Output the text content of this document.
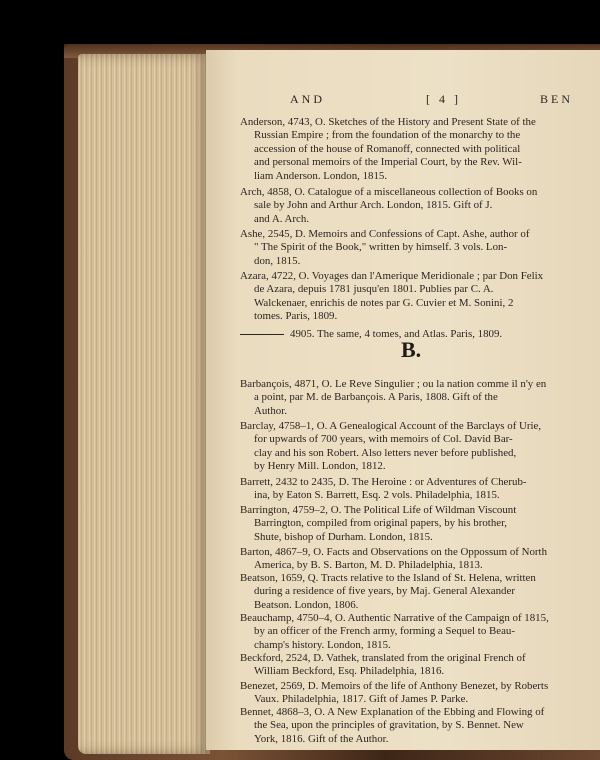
AND	[ 4 ]	BEN
Anderson, 4743, O. Sketches of the History and Present State of the
Russian Empire ; from the foundation of the monarchy to the
accession of the house of Romanoff, connected with political
and personal memoirs of the Imperial Court, by the Rev. Wil-
liam Anderson. London, 1815.
Arch, 4858, O. Catalogue of a miscellaneous collection of Books on
sale by John and Arthur Arch. London, 1815. Gift of J.
and A. Arch.
Ashe, 2545, D. Memoirs and Confessions of Capt. Ashe, author of
" The Spirit of the Book," written by himself. 3 vols. Lon-
don, 1815.
Azara, 4722, O. Voyages dan l'Amerique Meridionale ; par Don Felix
de Azara, depuis 1781 jusqu'en 1801. Publies par C. A.
Walckenaer, enrichis de notes par G. Cuvier et M. Sonini, 2
tomes. Paris, 1809.
4905. The same, 4 tomes, and Atlas. Paris, 1809.
B.
Barbançois, 4871, O. Le Reve Singulier ; ou la nation comme il n'y en
a point, par M. de Barbançois. A Paris, 1808. Gift of the
Author.
Barclay, 4758–1, O. A Genealogical Account of the Barclays of Urie,
for upwards of 700 years, with memoirs of Col. David Bar-
clay and his son Robert. Also letters never before published,
by Henry Mill. London, 1812.
Barrett, 2432 to 2435, D. The Heroine : or Adventures of Cherub-
ina, by Eaton S. Barrett, Esq. 2 vols. Philadelphia, 1815.
Barrington, 4759–2, O. The Political Life of Wildman Viscount
Barrington, compiled from original papers, by his brother,
Shute, bishop of Durham. London, 1815.
Barton, 4867–9, O. Facts and Observations on the Oppossum of North
America, by B. S. Barton, M. D. Philadelphia, 1813.
Beatson, 1659, Q. Tracts relative to the Island of St. Helena, written
during a residence of five years, by Maj. General Alexander
Beatson. London, 1806.
Beauchamp, 4750–4, O. Authentic Narrative of the Campaign of 1815,
by an officer of the French army, forming a Sequel to Beau-
champ's history. London, 1815.
Beckford, 2524, D. Vathek, translated from the original French of
William Beckford, Esq. Philadelphia, 1816.
Benezet, 2569, D. Memoirs of the life of Anthony Benezet, by Roberts
Vaux. Philadelphia, 1817. Gift of James P. Parke.
Bennet, 4868–3, O. A New Explanation of the Ebbing and Flowing of
the Sea, upon the principles of gravitation, by S. Bennet. New
York, 1816. Gift of the Author.
